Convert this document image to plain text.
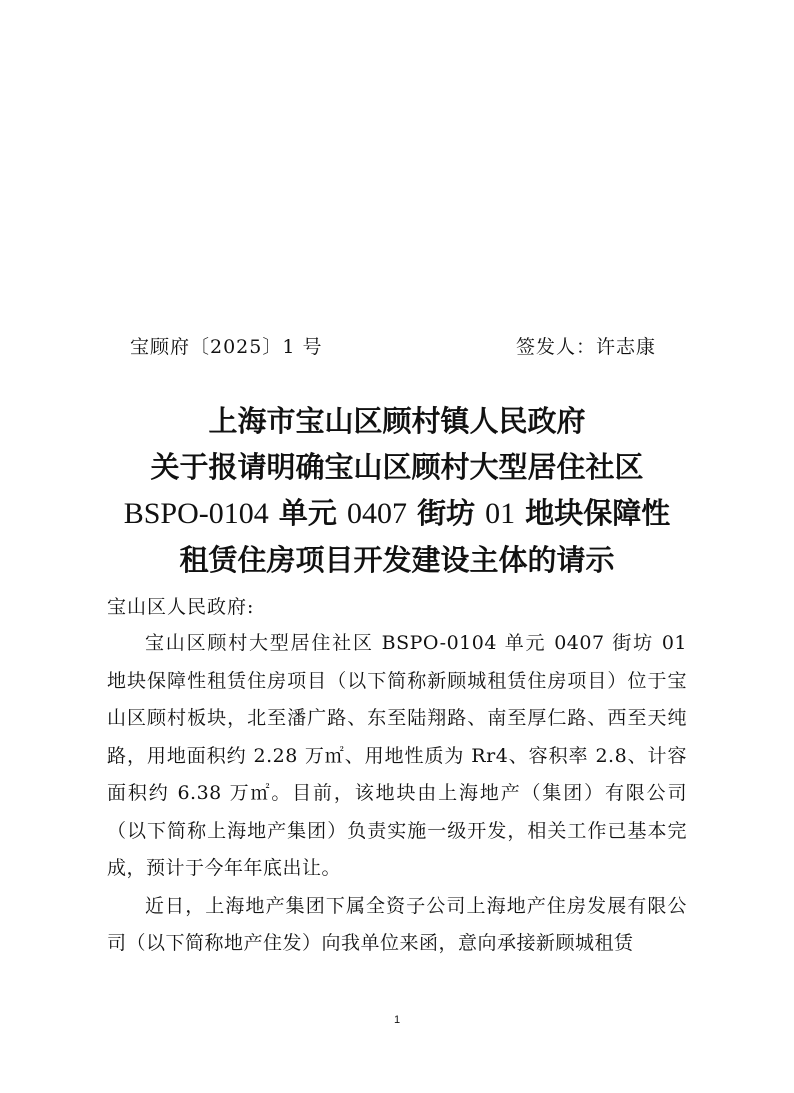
宝顾府〔2025〕1 号	签发人：许志康
上海市宝山区顾村镇人民政府
关于报请明确宝山区顾村大型居住社区
BSPO-0104 单元 0407 街坊 01 地块保障性
租赁住房项目开发建设主体的请示
宝山区人民政府:

宝山区顾村大型居住社区 BSPO-0104 单元 0407 街坊 01 地块保障性租赁住房项目（以下简称新顾城租赁住房项目）位于宝山区顾村板块，北至潘广路、东至陆翔路、南至厚仁路、西至天纯路，用地面积约 2.28 万㎡、用地性质为 Rr4、容积率 2.8、计容面积约 6.38 万㎡。目前，该地块由上海地产（集团）有限公司（以下简称上海地产集团）负责实施一级开发，相关工作已基本完成，预计于今年年底出让。

近日，上海地产集团下属全资子公司上海地产住房发展有限公司（以下简称地产住发）向我单位来函，意向承接新顾城租赁

1
